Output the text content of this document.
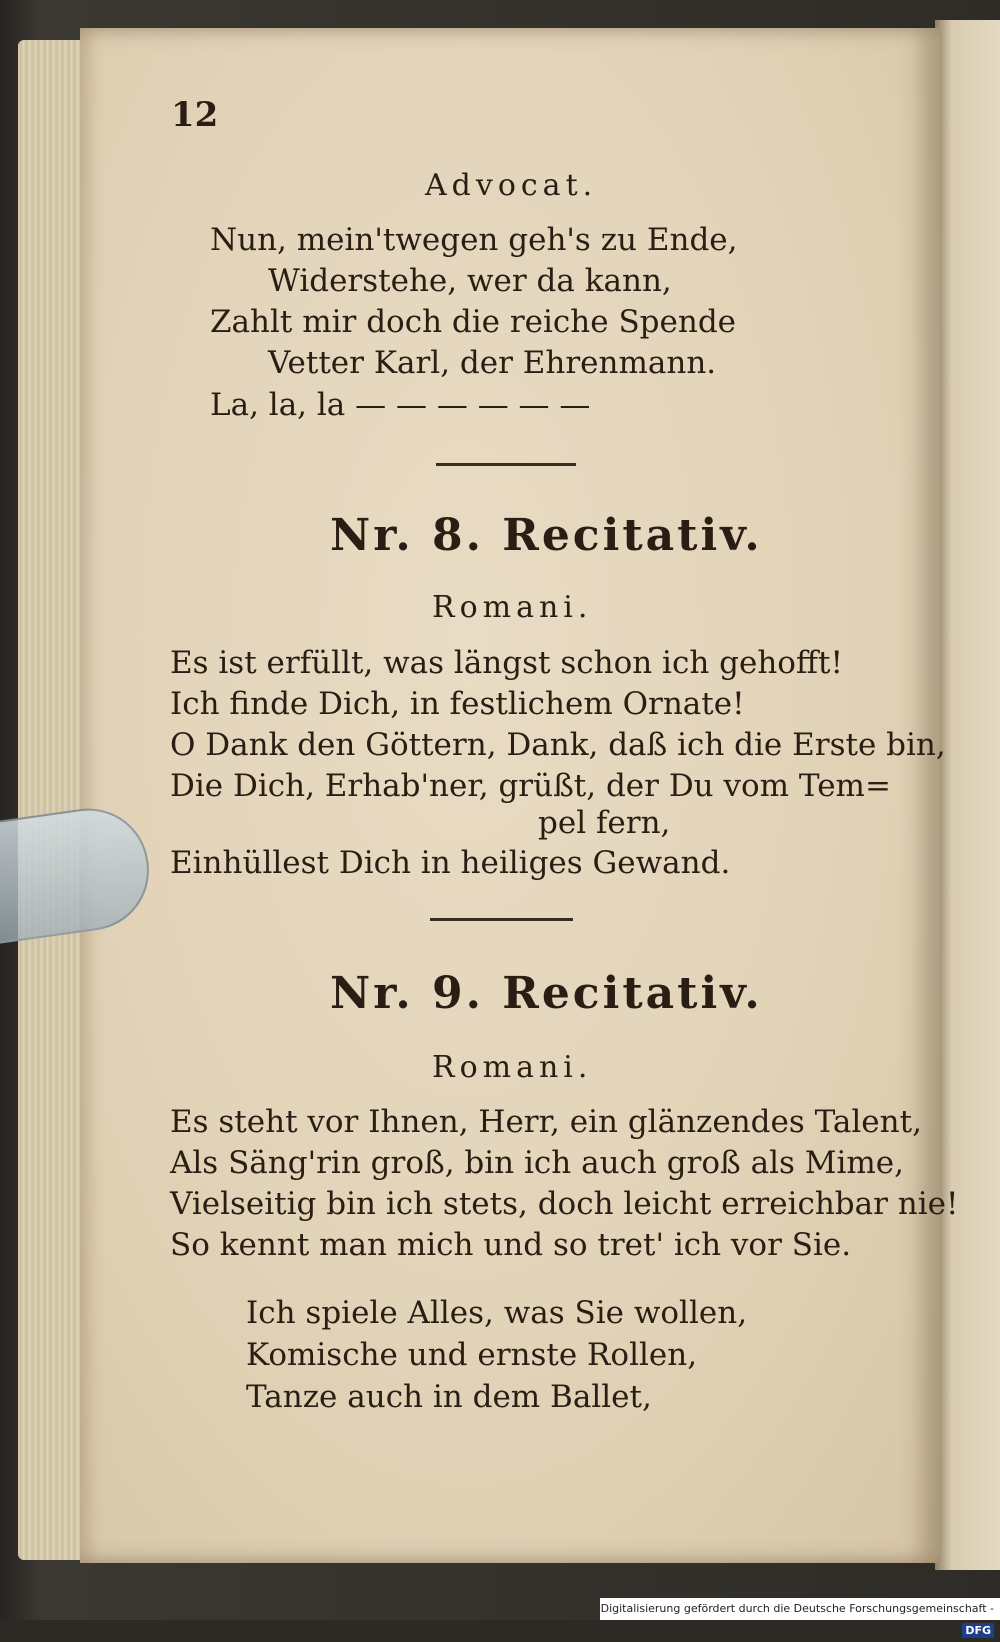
12
Advocat.
Nun, mein'twegen geh's zu Ende,
Widerstehe, wer da kann,
Zahlt mir doch die reiche Spende
Vetter Karl, der Ehrenmann.
La, la, la — — — — — —
Nr. 8. Recitativ.
Romani.
Es ist erfüllt, was längst schon ich gehofft!
Ich finde Dich, in festlichem Ornate!
O Dank den Göttern, Dank, daß ich die Erste bin,
Die Dich, Erhab'ner, grüßt, der Du vom Tem=
pel fern,
Einhüllest Dich in heiliges Gewand.
Nr. 9. Recitativ.
Romani.
Es steht vor Ihnen, Herr, ein glänzendes Talent,
Als Säng'rin groß, bin ich auch groß als Mime,
Vielseitig bin ich stets, doch leicht erreichbar nie!
So kennt man mich und so tret' ich vor Sie.
Ich spiele Alles, was Sie wollen,
Komische und ernste Rollen,
Tanze auch in dem Ballet,
Digitalisierung gefördert durch die Deutsche Forschungsgemeinschaft -DFG
